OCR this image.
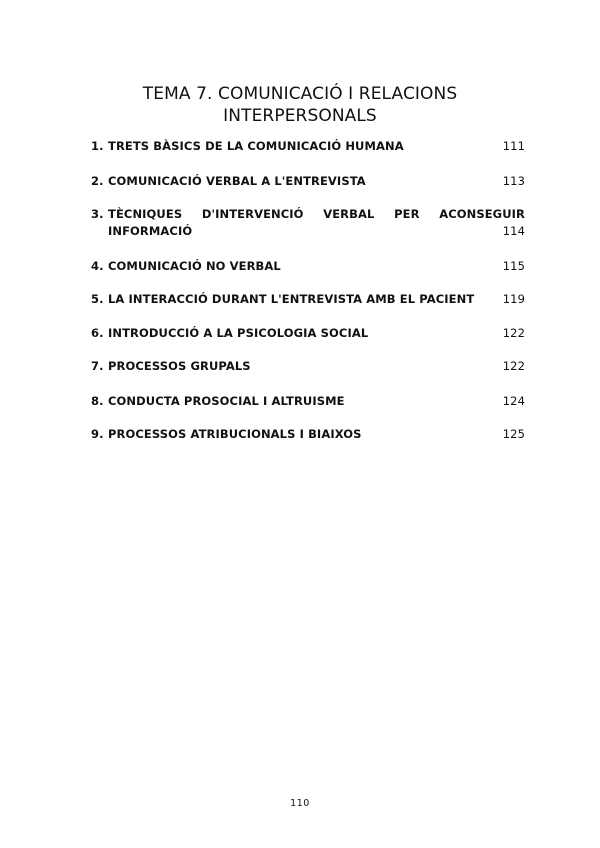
TEMA 7. COMUNICACIÓ I RELACIONS
INTERPERSONALS
1. TRETS BÀSICS DE LA COMUNICACIÓ HUMANA	111
2. COMUNICACIÓ VERBAL A L'ENTREVISTA	113
3. TÈCNIQUES D'INTERVENCIÓ VERBAL PER ACONSEGUIR INFORMACIÓ	114
4. COMUNICACIÓ NO VERBAL	115
5. LA INTERACCIÓ DURANT L'ENTREVISTA AMB EL PACIENT	119
6. INTRODUCCIÓ A LA PSICOLOGIA SOCIAL	122
7. PROCESSOS GRUPALS	122
8. CONDUCTA PROSOCIAL I ALTRUISME	124
9. PROCESSOS ATRIBUCIONALS I BIAIXOS	125
110
